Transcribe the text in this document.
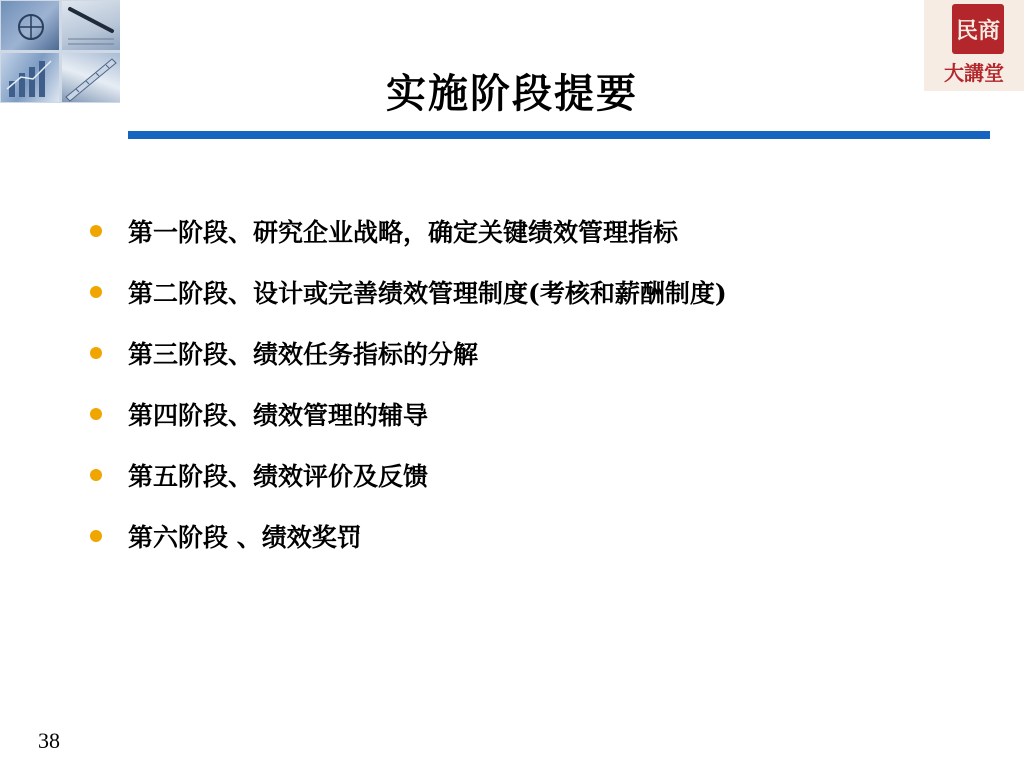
民商
大講堂
实施阶段提要
第一阶段、研究企业战略，确定关键绩效管理指标
第二阶段、设计或完善绩效管理制度(考核和薪酬制度)
第三阶段、绩效任务指标的分解
第四阶段、绩效管理的辅导
第五阶段、绩效评价及反馈
第六阶段 、绩效奖罚
38
